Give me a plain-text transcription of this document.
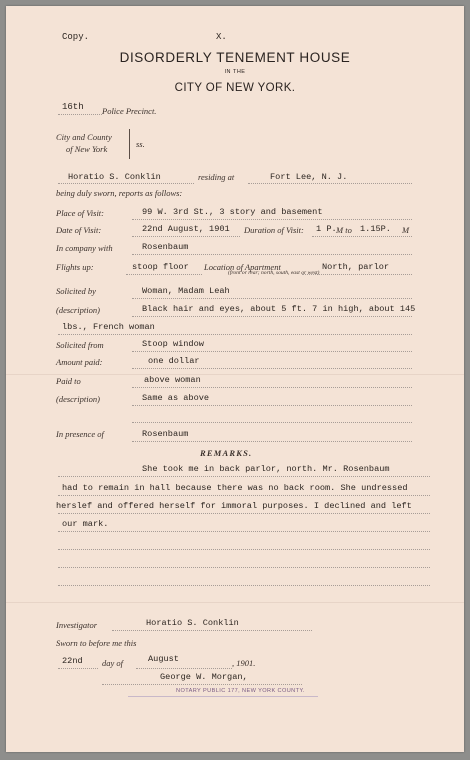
Copy.	X.
DISORDERLY TENEMENT HOUSE
IN THE
CITY OF NEW YORK.
16th Police Precinct.
City and County
of New York	ss.
Horatio S. Conklin	residing at	Fort Lee, N. J.
being duly sworn, reports as follows:
Place of Visit:	99 W. 3rd St., 3 story and basement
Date of Visit:	22nd August, 1901 Duration of Visit: 1 P. M to 1.15P. M
In company with	Rosenbaum
Flights up:	stoop floor Location of Apartment	North, parlor
(front or rear; north, south, east or west)
Solicited by	Woman, Madam Leah
(description)	Black hair and eyes, about 5 ft. 7 in high, about 145
lbs., French woman
Solicited from	Stoop window
Amount paid:	one dollar
Paid to	above woman
(description)	Same as above
In presence of	Rosenbaum
REMARKS.
She took me in back parlor, north. Mr. Rosenbaum
had to remain in hall because there was no back room. She undressed
herslef and offered herself for immoral purposes. I declined and left
our mark.
Investigator	Horatio S. Conklin
Sworn to before me this
22nd day of	August	, 1901.
George W. Morgan,
NOTARY PUBLIC 177, NEW YORK COUNTY.
